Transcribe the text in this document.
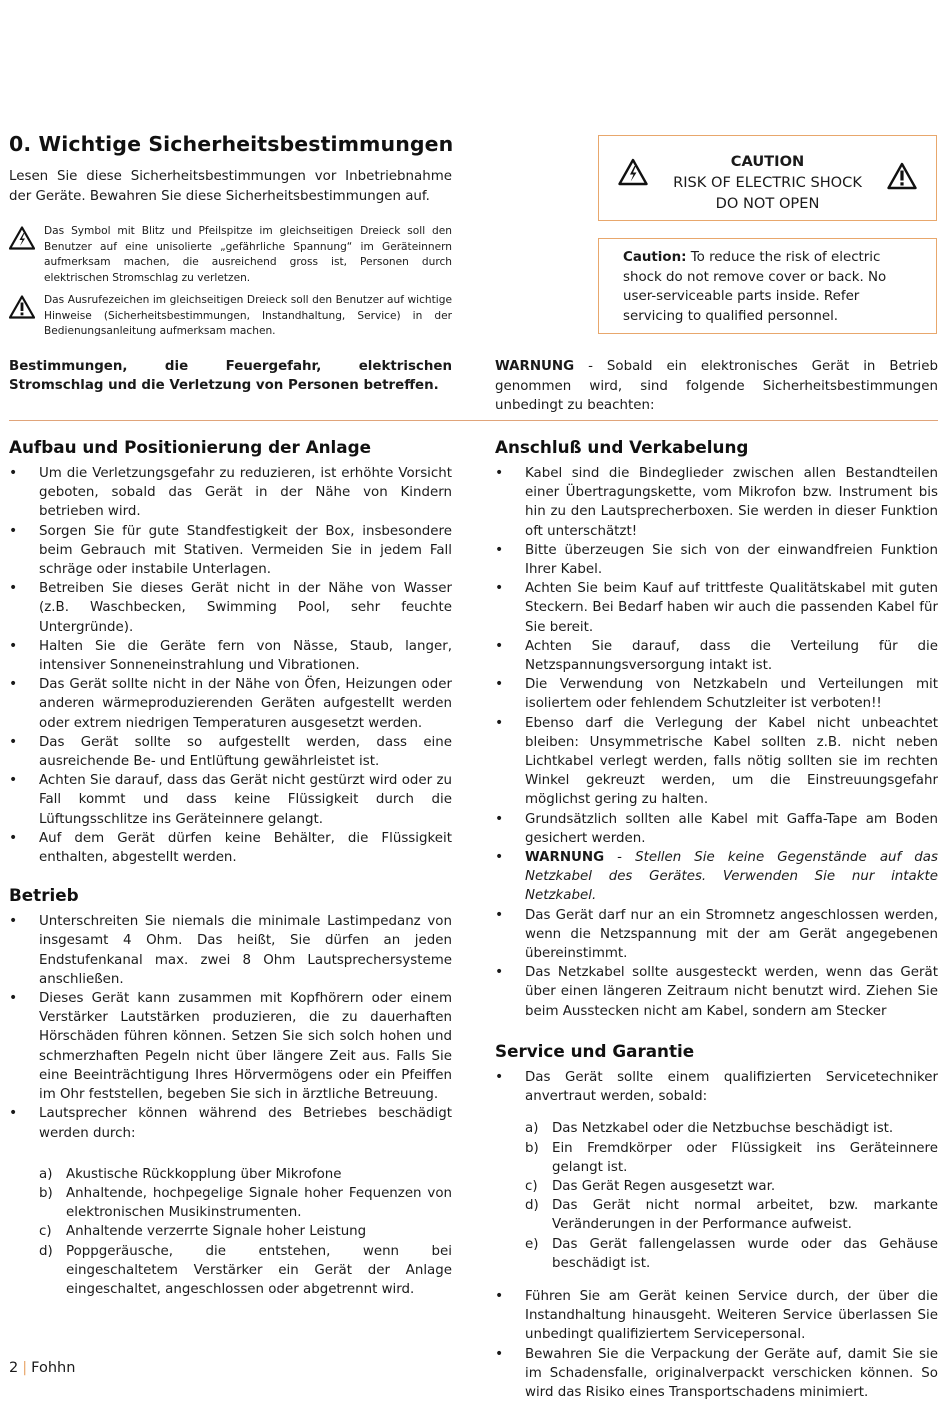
0. Wichtige Sicherheitsbestimmungen
Lesen Sie diese Sicherheitsbestimmungen vor Inbetriebnahme der Geräte. Bewahren Sie diese Sicherheitsbestimmungen auf.
Das Symbol mit Blitz und Pfeilspitze im gleichseitigen Dreieck soll den Benutzer auf eine unisolierte „gefährliche Spannung“ im Geräteinnern aufmerksam machen, die ausreichend gross ist, Personen durch elektrischen Stromschlag zu verletzen.
Das Ausrufezeichen im gleichseitigen Dreieck soll den Benutzer auf wichtige Hinweise (Sicherheitsbestimmungen, Instandhaltung, Service) in der Bedienungsanleitung aufmerksam machen.
CAUTION
RISK OF ELECTRIC SHOCK
DO NOT OPEN
Caution: To reduce the risk of electric shock do not remove cover or back. No user-serviceable parts inside. Refer servicing to qualified personnel.
Bestimmungen, die Feuergefahr, elektrischen Stromschlag und die Verletzung von Personen betreffen.
WARNUNG - Sobald ein elektronisches Gerät in Betrieb genommen wird, sind folgende Sicherheitsbestimmungen unbedingt zu beachten:
Aufbau und Positionierung der Anlage
• Um die Verletzungsgefahr zu reduzieren, ist erhöhte Vorsicht geboten, sobald das Gerät in der Nähe von Kindern betrieben wird.
• Sorgen Sie für gute Standfestigkeit der Box, insbesondere beim Gebrauch mit Stativen. Vermeiden Sie in jedem Fall schräge oder instabile Unterlagen.
• Betreiben Sie dieses Gerät nicht in der Nähe von Wasser (z.B. Waschbecken, Swimming Pool, sehr feuchte Untergründe).
• Halten Sie die Geräte fern von Nässe, Staub, langer, intensiver Sonneneinstrahlung und Vibrationen.
• Das Gerät sollte nicht in der Nähe von Öfen, Heizungen oder anderen wärmeproduzierenden Geräten aufgestellt werden oder extrem niedrigen Temperaturen ausgesetzt werden.
• Das Gerät sollte so aufgestellt werden, dass eine ausreichende Be- und Entlüftung gewährleistet ist.
• Achten Sie darauf, dass das Gerät nicht gestürzt wird oder zu Fall kommt und dass keine Flüssigkeit durch die Lüftungsschlitze ins Geräteinnere gelangt.
• Auf dem Gerät dürfen keine Behälter, die Flüssigkeit enthalten, abgestellt werden.
Betrieb
• Unterschreiten Sie niemals die minimale Lastimpedanz von insgesamt 4 Ohm. Das heißt, Sie dürfen an jeden Endstufenkanal max. zwei 8 Ohm Lautsprechersysteme anschließen.
• Dieses Gerät kann zusammen mit Kopfhörern oder einem Verstärker Lautstärken produzieren, die zu dauerhaften Hörschäden führen können. Setzen Sie sich solch hohen und schmerzhaften Pegeln nicht über längere Zeit aus. Falls Sie eine Beeinträchtigung Ihres Hörvermögens oder ein Pfeiffen im Ohr feststellen, begeben Sie sich in ärztliche Betreuung.
• Lautsprecher können während des Betriebes beschädigt werden durch:
a) Akustische Rückkopplung über Mikrofone
b) Anhaltende, hochpegelige Signale hoher Fequenzen von elektronischen Musikinstrumenten.
c) Anhaltende verzerrte Signale hoher Leistung
d) Poppgeräusche, die entstehen, wenn bei eingeschaltetem Verstärker ein Gerät der Anlage eingeschaltet, angeschlossen oder abgetrennt wird.
Anschluß und Verkabelung
• Kabel sind die Bindeglieder zwischen allen Bestandteilen einer Übertragungskette, vom Mikrofon bzw. Instrument bis hin zu den Lautsprecherboxen. Sie werden in dieser Funktion oft unterschätzt!
• Bitte überzeugen Sie sich von der einwandfreien Funktion Ihrer Kabel.
• Achten Sie beim Kauf auf trittfeste Qualitätskabel mit guten Steckern. Bei Bedarf haben wir auch die passenden Kabel für Sie bereit.
• Achten Sie darauf, dass die Verteilung für die Netzspannungsversorgung intakt ist.
• Die Verwendung von Netzkabeln und Verteilungen mit isoliertem oder fehlendem Schutzleiter ist verboten!!
• Ebenso darf die Verlegung der Kabel nicht unbeachtet bleiben: Unsymmetrische Kabel sollten z.B. nicht neben Lichtkabel verlegt werden, falls nötig sollten sie im rechten Winkel gekreuzt werden, um die Einstreuungsgefahr möglichst gering zu halten.
• Grundsätzlich sollten alle Kabel mit Gaffa-Tape am Boden gesichert werden.
• WARNUNG - Stellen Sie keine Gegenstände auf das Netzkabel des Gerätes. Verwenden Sie nur intakte Netzkabel.
• Das Gerät darf nur an ein Stromnetz angeschlossen werden, wenn die Netzspannung mit der am Gerät angegebenen übereinstimmt.
• Das Netzkabel sollte ausgesteckt werden, wenn das Gerät über einen längeren Zeitraum nicht benutzt wird. Ziehen Sie beim Ausstecken nicht am Kabel, sondern am Stecker
Service und Garantie
• Das Gerät sollte einem qualifizierten Servicetechniker anvertraut werden, sobald:
a) Das Netzkabel oder die Netzbuchse beschädigt ist.
b) Ein Fremdkörper oder Flüssigkeit ins Geräteinnere gelangt ist.
c) Das Gerät Regen ausgesetzt war.
d) Das Gerät nicht normal arbeitet, bzw. markante Veränderungen in der Performance aufweist.
e) Das Gerät fallengelassen wurde oder das Gehäuse beschädigt ist.
• Führen Sie am Gerät keinen Service durch, der über die Instandhaltung hinausgeht. Weiteren Service überlassen Sie unbedingt qualifiziertem Servicepersonal.
• Bewahren Sie die Verpackung der Geräte auf, damit Sie sie im Schadensfalle, originalverpackt verschicken können. So wird das Risiko eines Transportschadens minimiert.
2 | Fohhn
